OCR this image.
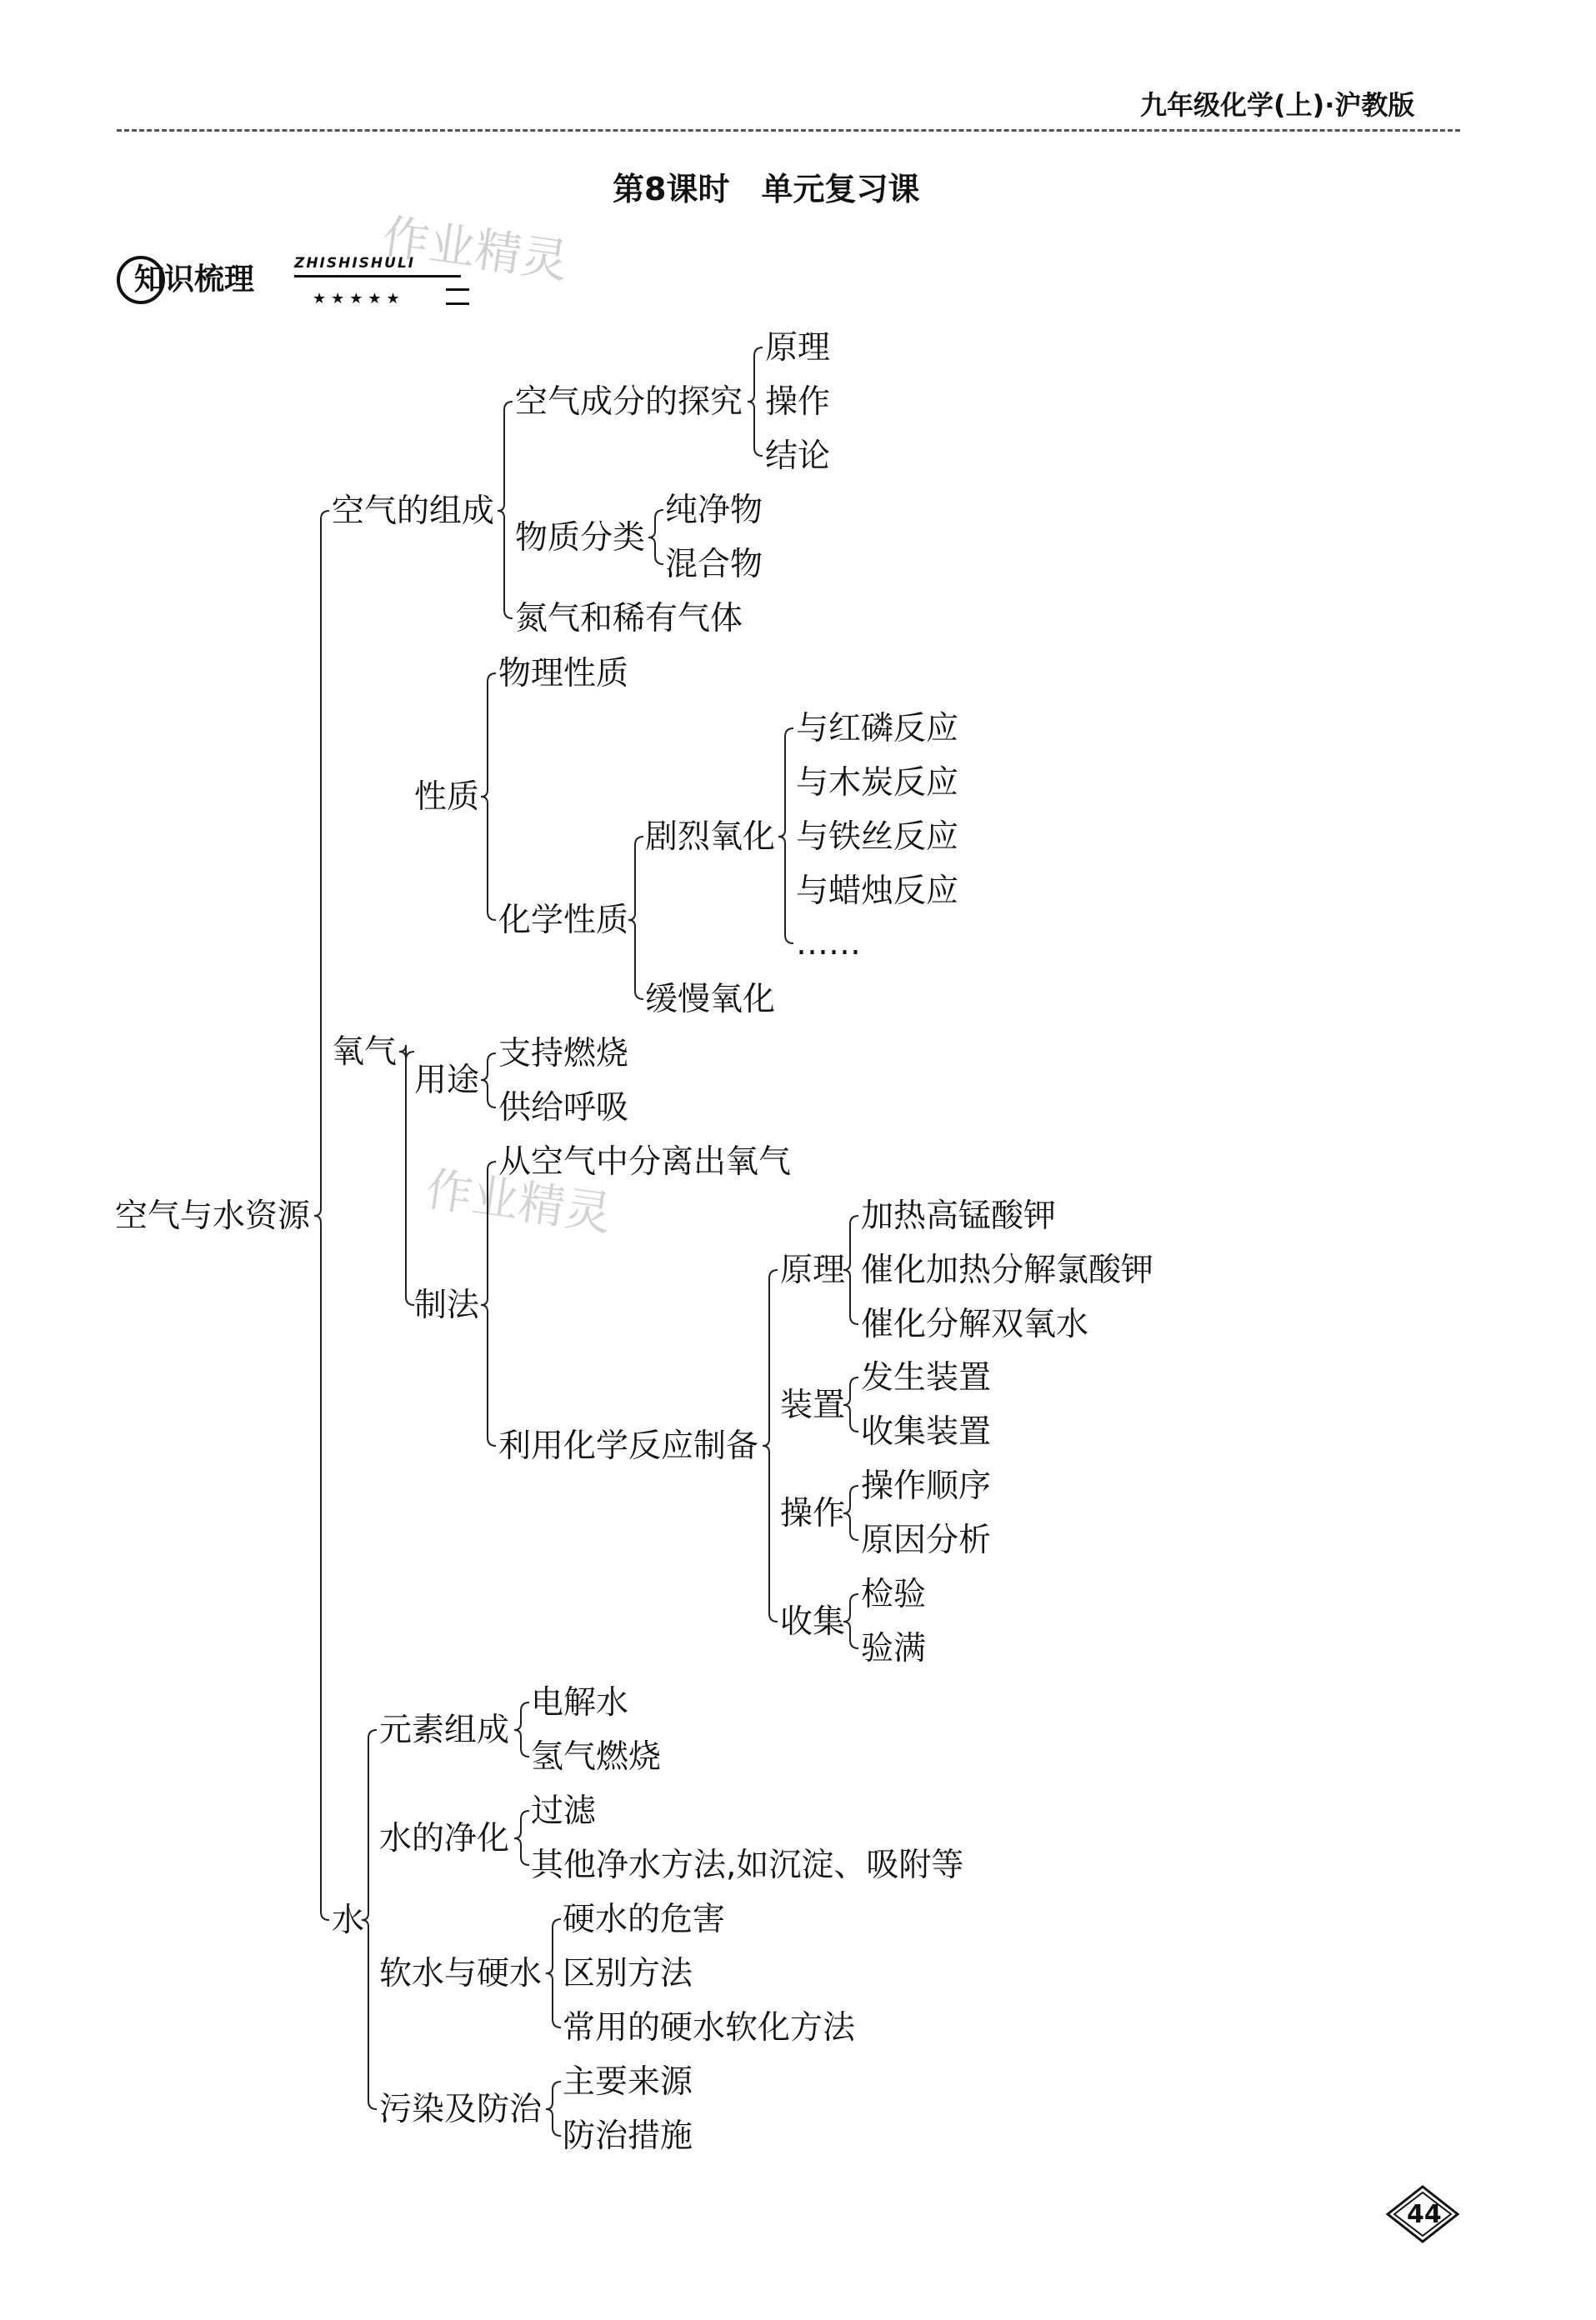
九年级化学(上)·沪教版
第8课时　单元复习课
知识梳理	ZHISHISHULI
★★★★★
作业精灵
作业精灵
空气与水资源
空气的组成
空气成分的探究
原理
操作
结论
物质分类
纯净物
混合物
氮气和稀有气体
氧气
性质
物理性质
化学性质
剧烈氧化
与红磷反应
与木炭反应
与铁丝反应
与蜡烛反应
……
缓慢氧化
用途
支持燃烧
供给呼吸
制法
从空气中分离出氧气
利用化学反应制备
原理
加热高锰酸钾
催化加热分解氯酸钾
催化分解双氧水
装置
发生装置
收集装置
操作
操作顺序
原因分析
收集
检验
验满
水
元素组成
电解水
氢气燃烧
水的净化
过滤
其他净水方法,如沉淀、吸附等
软水与硬水
硬水的危害
区别方法
常用的硬水软化方法
污染及防治
主要来源
防治措施
44
